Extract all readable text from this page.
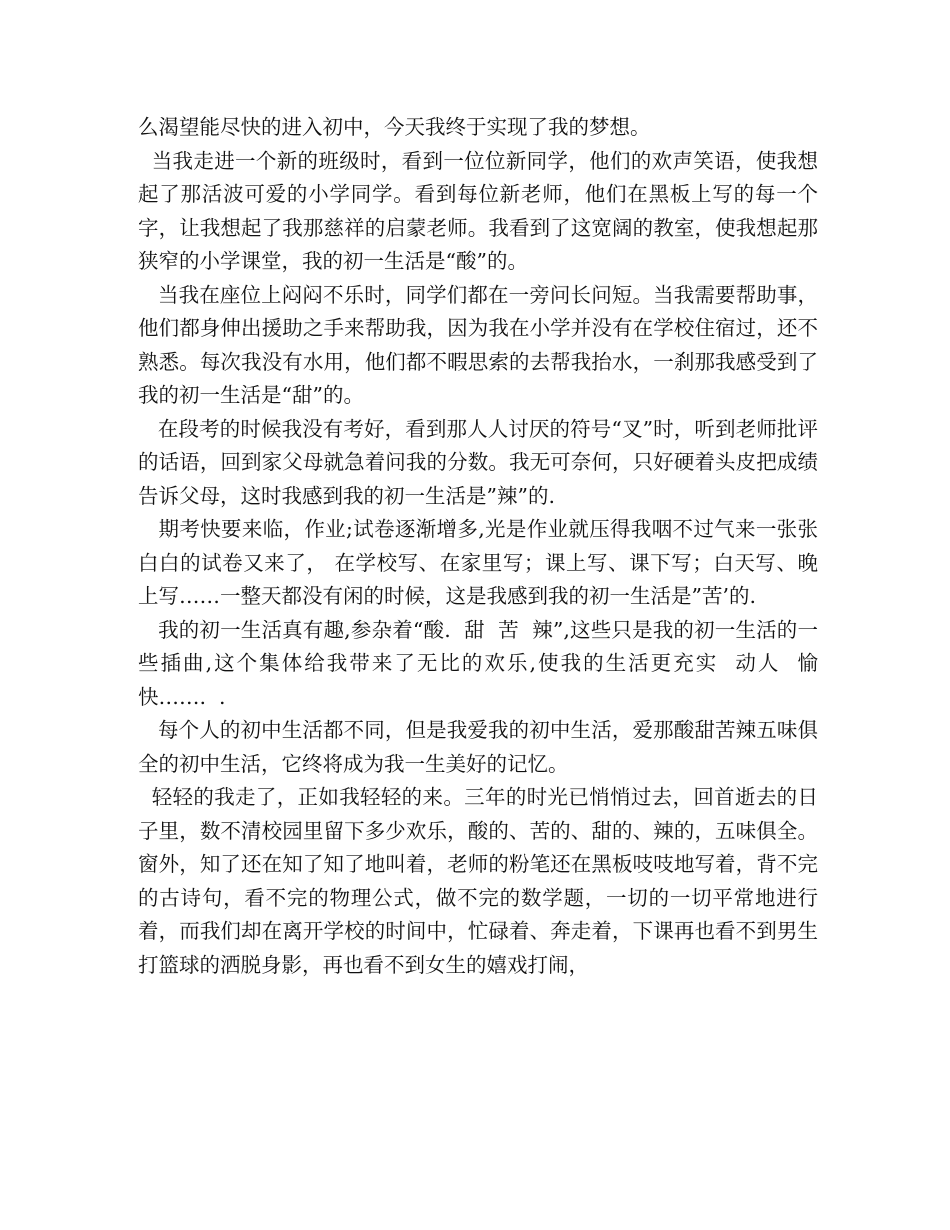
么渴望能尽快的进入初中，今天我终于实现了我的梦想。

当我走进一个新的班级时，看到一位位新同学，他们的欢声笑语，使我想起了那活波可爱的小学同学。看到每位新老师，他们在黑板上写的每一个字，让我想起了我那慈祥的启蒙老师。我看到了这宽阔的教室，使我想起那狭窄的小学课堂，我的初一生活是“酸”的。

当我在座位上闷闷不乐时，同学们都在一旁问长问短。当我需要帮助事，他们都身伸出援助之手来帮助我，因为我在小学并没有在学校住宿过，还不熟悉。每次我没有水用，他们都不暇思索的去帮我抬水，一刹那我感受到了我的初一生活是“甜”的。

在段考的时候我没有考好，看到那人人讨厌的符号“叉”时，听到老师批评的话语，回到家父母就急着问我的分数。我无可奈何，只好硬着头皮把成绩告诉父母，这时我感到我的初一生活是”辣”的.

期考快要来临，作业;试卷逐渐增多,光是作业就压得我咽不过气来一张张白白的试卷又来了， 在学校写、在家里写；课上写、课下写；白天写、晚上写……一整天都没有闲的时候，这是我感到我的初一生活是”苦’的.

我的初一生活真有趣,参杂着“酸.  甜  苦  辣”,这些只是我的初一生活的一些插曲,这个集体给我带来了无比的欢乐,使我的生活更充实  动人  愉快…….  .

每个人的初中生活都不同，但是我爱我的初中生活，爱那酸甜苦辣五味俱全的初中生活，它终将成为我一生美好的记忆。

轻轻的我走了，正如我轻轻的来。三年的时光已悄悄过去，回首逝去的日子里，数不清校园里留下多少欢乐，酸的、苦的、甜的、辣的，五味俱全。窗外，知了还在知了知了地叫着，老师的粉笔还在黑板吱吱地写着，背不完的古诗句，看不完的物理公式，做不完的数学题，一切的一切平常地进行着，而我们却在离开学校的时间中，忙碌着、奔走着，下课再也看不到男生打篮球的洒脱身影，再也看不到女生的嬉戏打闹，
